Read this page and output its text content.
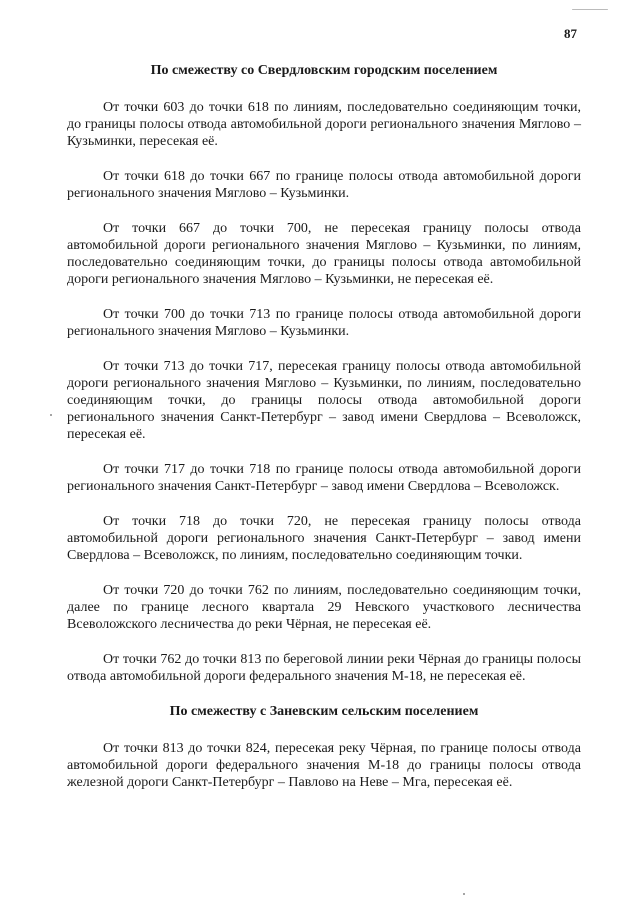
87
По смежеству со Свердловским городским поселением

От точки 603 до точки 618 по линиям, последовательно соединяющим точки, до границы полосы отвода автомобильной дороги регионального значения Мяглово – Кузьминки, пересекая её.

От точки 618 до точки 667 по границе полосы отвода автомобильной дороги регионального значения Мяглово – Кузьминки.

От точки 667 до точки 700, не пересекая границу полосы отвода автомобильной дороги регионального значения Мяглово – Кузьминки, по линиям, последовательно соединяющим точки, до границы полосы отвода автомобильной дороги регионального значения Мяглово – Кузьминки, не пересекая её.

От точки 700 до точки 713 по границе полосы отвода автомобильной дороги регионального значения Мяглово – Кузьминки.

От точки 713 до точки 717, пересекая границу полосы отвода автомобильной дороги регионального значения Мяглово – Кузьминки, по линиям, последовательно соединяющим точки, до границы полосы отвода автомобильной дороги регионального значения Санкт-Петербург – завод имени Свердлова – Всеволожск, пересекая её.

От точки 717 до точки 718 по границе полосы отвода автомобильной дороги регионального значения Санкт-Петербург – завод имени Свердлова – Всеволожск.

От точки 718 до точки 720, не пересекая границу полосы отвода автомобильной дороги регионального значения Санкт-Петербург – завод имени Свердлова – Всеволожск, по линиям, последовательно соединяющим точки.

От точки 720 до точки 762 по линиям, последовательно соединяющим точки, далее по границе лесного квартала 29 Невского участкового лесничества Всеволожского лесничества до реки Чёрная, не пересекая её.

От точки 762 до точки 813 по береговой линии реки Чёрная до границы полосы отвода автомобильной дороги федерального значения М-18, не пересекая её.

По смежеству с Заневским сельским поселением

От точки 813 до точки 824, пересекая реку Чёрная, по границе полосы отвода автомобильной дороги федерального значения М-18 до границы полосы отвода железной дороги Санкт-Петербург – Павлово на Неве – Мга, пересекая её.
